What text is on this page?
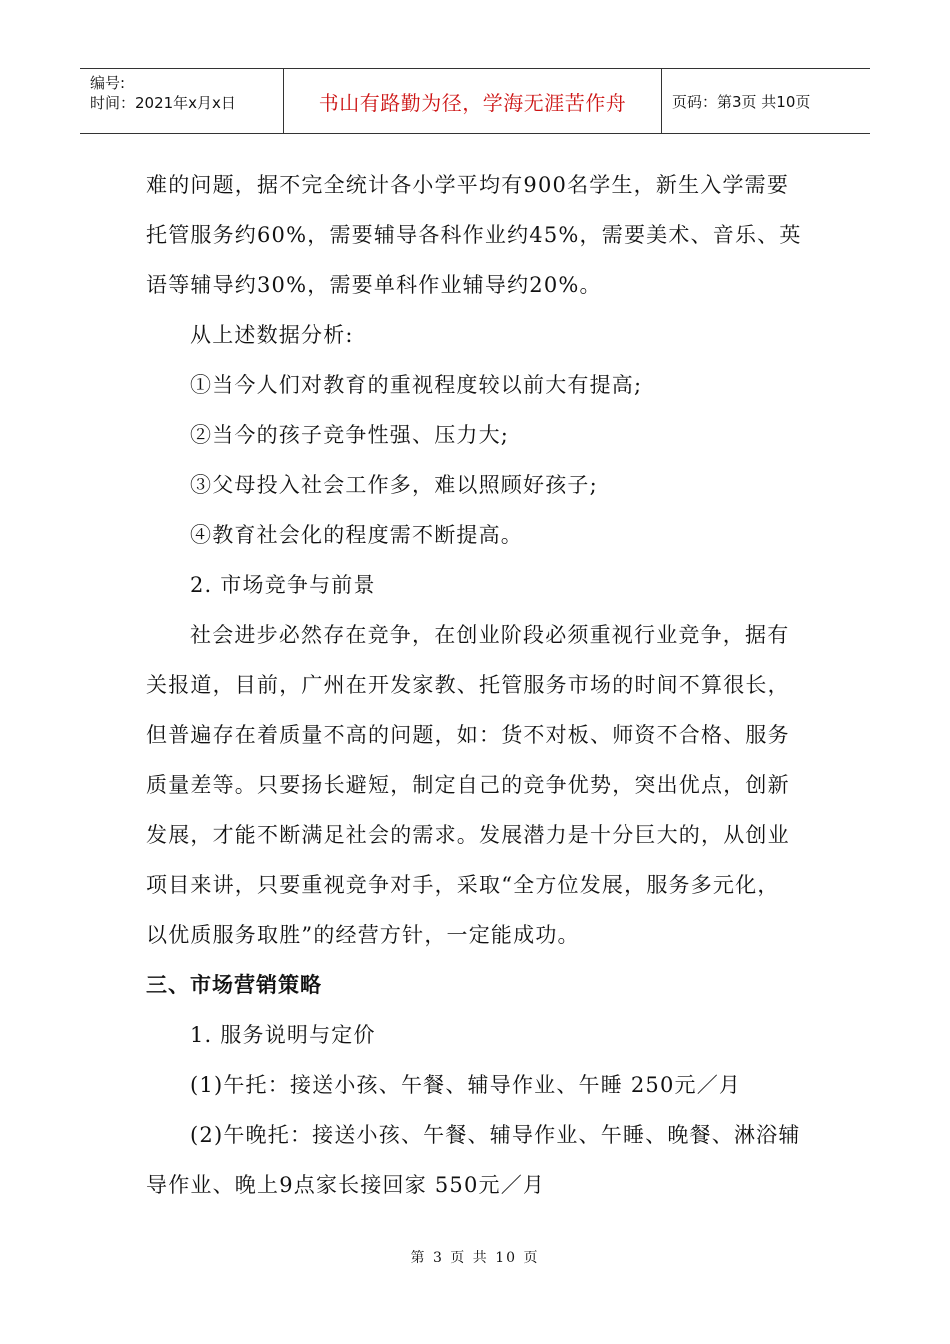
编号:
时间：2021年x月x日	书山有路勤为径，学海无涯苦作舟	页码：第3页 共10页

难的问题，据不完全统计各小学平均有900名学生，新生入学需要

托管服务约60%，需要辅导各科作业约45%，需要美术、音乐、英

语等辅导约30%，需要单科作业辅导约20%。

从上述数据分析:

①当今人们对教育的重视程度较以前大有提高;

②当今的孩子竞争性强、压力大;

③父母投入社会工作多，难以照顾好孩子;

④教育社会化的程度需不断提高。

2. 市场竞争与前景

社会进步必然存在竞争，在创业阶段必须重视行业竞争，据有

关报道，目前，广州在开发家教、托管服务市场的时间不算很长，

但普遍存在着质量不高的问题，如：货不对板、师资不合格、服务

质量差等。只要扬长避短，制定自己的竞争优势，突出优点，创新

发展，才能不断满足社会的需求。发展潜力是十分巨大的，从创业

项目来讲，只要重视竞争对手，采取“全方位发展，服务多元化，

以优质服务取胜”的经营方针，一定能成功。

三、市场营销策略

1. 服务说明与定价

(1)午托：接送小孩、午餐、辅导作业、午睡 250元／月

(2)午晚托：接送小孩、午餐、辅导作业、午睡、晚餐、淋浴辅

导作业、晚上9点家长接回家 550元／月

第 3 页 共 10 页
